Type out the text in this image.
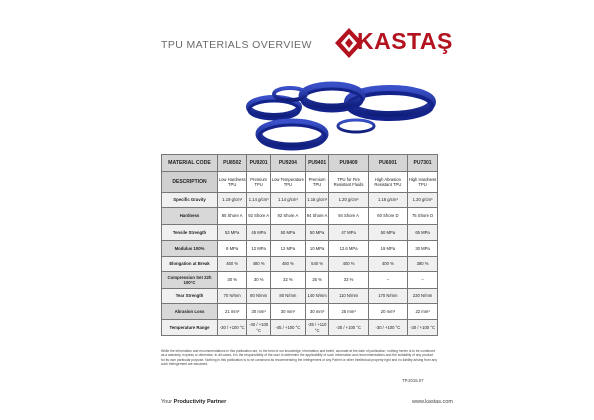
TPU MATERIALS OVERVIEW KASTAŞ
MATERIAL CODE	PU8502	PU9201	PU9204	PU9401	PU9409	PU6001	PU7301
DESCRIPTION	Low Hardness TPU	Premium TPU	Low Temperature TPU	Premium TPU	TPU for Fire Resistant Fluids	High Abrasion Resistant TPU	High Hardness TPU
Specific Gravity	1.19 g/cm³	1.14 g/cm³	1.14 g/cm³	1.16 g/cm³	1.20 g/cm³	1.18 g/cm³	1.20 g/cm³
Hardness	85 Shore A	92 Shore A	92 Shore A	94 Shore A	94 Shore A	60 Shore D	75 Shore D
Tensile Strength	53 MPa	45 MPa	50 MPa	50 MPa	47 MPa	50 MPa	65 MPa
Modulus 100%	8 MPa	12 MPa	12 MPa	10 MPa	12.6 MPa	19 MPa	30 MPa
Elongation at Break	450 %	480 %	450 %	540 %	400 %	400 %	380 %
Compression Set 22h 100°C	30 %	30 %	32 %	25 %	33 %	–	–
Tear Strength	70 N/mm	80 N/mm	80 N/mm	140 N/mm	110 N/mm	170 N/mm	220 N/mm
Abrasion Loss	21 mm³	30 mm³	30 mm³	30 mm³	25 mm³	20 mm³	22 mm³
Temperature Range	-30 / +100 °C	-40 / +100 °C	-45 / +100 °C	-35 / +110 °C	-30 / +100 °C	-30 / +100 °C	-30 / +100 °C
While the information and recommendations in this publication are, to the best of our knowledge, information and belief, accurate at the date of publication, nothing herein is to be construed as a warranty, express or otherwise. In all cases, it is the responsibility of the user to determine the applicability of such information and recommendations and the suitability of any product for its own particular purpose. Nothing in this publication is to be construed as recommending the infringement of any Patent or other intellectual property right and no liability arising from any such infringement are assumed.
TP.2015.07
Your Productivity Partner	www.kastas.com
